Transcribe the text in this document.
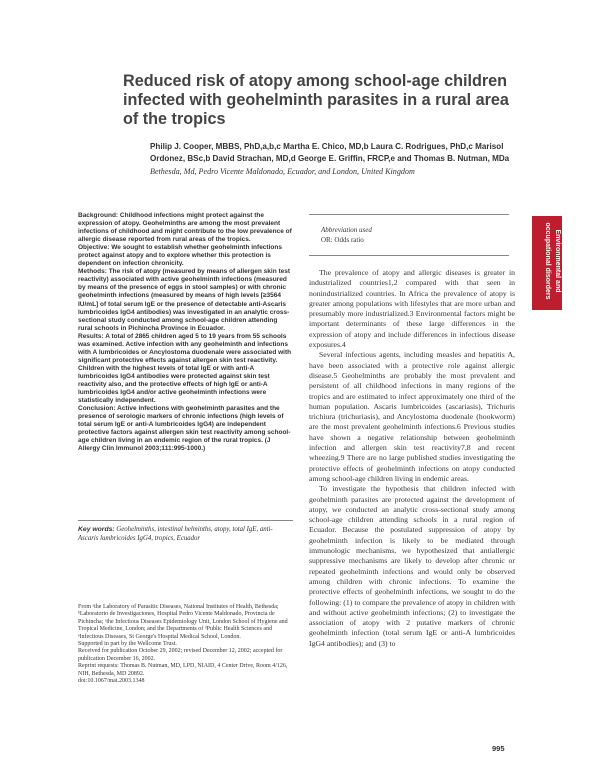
Reduced risk of atopy among school-age children infected with geohelminth parasites in a rural area of the tropics
Philip J. Cooper, MBBS, PhD,a,b,c Martha E. Chico, MD,b Laura C. Rodrigues, PhD,c Marisol Ordonez, BSc,b David Strachan, MD,d George E. Griffin, FRCP,e and Thomas B. Nutman, MDa Bethesda, Md, Pedro Vicente Maldonado, Ecuador, and London, United Kingdom

Background: Childhood infections might protect against the expression of atopy. Geohelminths are among the most prevalent infections of childhood and might contribute to the low prevalence of allergic disease reported from rural areas of the tropics.

Objective: We sought to establish whether geohelminth infections protect against atopy and to explore whether this protection is dependent on infection chronicity.

Methods: The risk of atopy (measured by means of allergen skin test reactivity) associated with active geohelminth infections (measured by means of the presence of eggs in stool samples) or with chronic geohelminth infections (measured by means of high levels [≥3564 IU/mL] of total serum IgE or the presence of detectable anti-Ascaris lumbricoides IgG4 antibodies) was investigated in an analytic cross-sectional study conducted among school-age children attending rural schools in Pichincha Province in Ecuador.

Results: A total of 2865 children aged 5 to 19 years from 55 schools was examined. Active infection with any geohelminth and infections with A lumbricoides or Ancylostoma duodenale were associated with significant protective effects against allergen skin test reactivity. Children with the highest levels of total IgE or with anti-A lumbricoides IgG4 antibodies were protected against skin test reactivity also, and the protective effects of high IgE or anti-A lumbricoides IgG4 and/or active geohelminth infections were statistically independent.

Conclusion: Active infections with geohelminth parasites and the presence of serologic markers of chronic infections (high levels of total serum IgE or anti-A lumbricoides IgG4) are independent protective factors against allergen skin test reactivity among school-age children living in an endemic region of the rural tropics. (J Allergy Clin Immunol 2003;111:995-1000.)

Key words: Geohelminths, intestinal helminths, atopy, total IgE, anti-Ascaris lumbricoides IgG4, tropics, Ecuador

From ᵃthe Laboratory of Parasitic Diseases, National Institutes of Health, Bethesda; ᵇLaboratorio de Investigaciones, Hospital Pedro Vicente Maldonado, Provincia de Pichincha; ᶜthe Infectious Diseases Epidemiology Unit, London School of Hygiene and Tropical Medicine, London; and the Departments of ᵈPublic Health Sciences and ᵉInfectious Diseases, St George's Hospital Medical School, London.

Supported in part by the Wellcome Trust.

Received for publication October 29, 2002; revised December 12, 2002; accepted for publication December 16, 2002.

Reprint requests: Thomas B. Nutman, MD, LPD, NIAID, 4 Center Drive, Room 4/126, NIH, Bethesda, MD 20892.

doi:10.1067/mai.2003.1348

Abbreviation used
OR: Odds ratio

The prevalence of atopy and allergic diseases is greater in industrialized countries1,2 compared with that seen in nonindustrialized countries. In Africa the prevalence of atopy is greater among populations with lifestyles that are more urban and presumably more industrialized.3 Environmental factors might be important determinants of these large differences in the expression of atopy and include differences in infectious disease exposures.4

Several infectious agents, including measles and hepatitis A, have been associated with a protective role against allergic disease.5 Geohelminths are probably the most prevalent and persistent of all childhood infections in many regions of the tropics and are estimated to infect approximately one third of the human population. Ascaris lumbricoides (ascariasis), Trichuris trichiura (trichuriasis), and Ancylostoma duodenale (hookworm) are the most prevalent geohelminth infections.6 Previous studies have shown a negative relationship between geohelminth infection and allergen skin test reactivity7,8 and recent wheezing.9 There are no large published studies investigating the protective effects of geohelminth infections on atopy conducted among school-age children living in endemic areas.

To investigate the hypothesis that children infected with geohelminth parasites are protected against the development of atopy, we conducted an analytic cross-sectional study among school-age children attending schools in a rural region of Ecuador. Because the postulated suppression of atopy by geohelminth infection is likely to be mediated through immunologic mechanisms, we hypothesized that antiallergic suppressive mechanisms are likely to develop after chronic or repeated geohelminth infections and would only be observed among children with chronic infections. To examine the protective effects of geohelminth infections, we sought to do the following: (1) to compare the prevalence of atopy in children with and without active geohelminth infections; (2) to investigate the association of atopy with 2 putative markers of chronic geohelminth infection (total serum IgE or anti-A lumbricoides IgG4 antibodies); and (3) to

Environmental and occupational disorders
995
